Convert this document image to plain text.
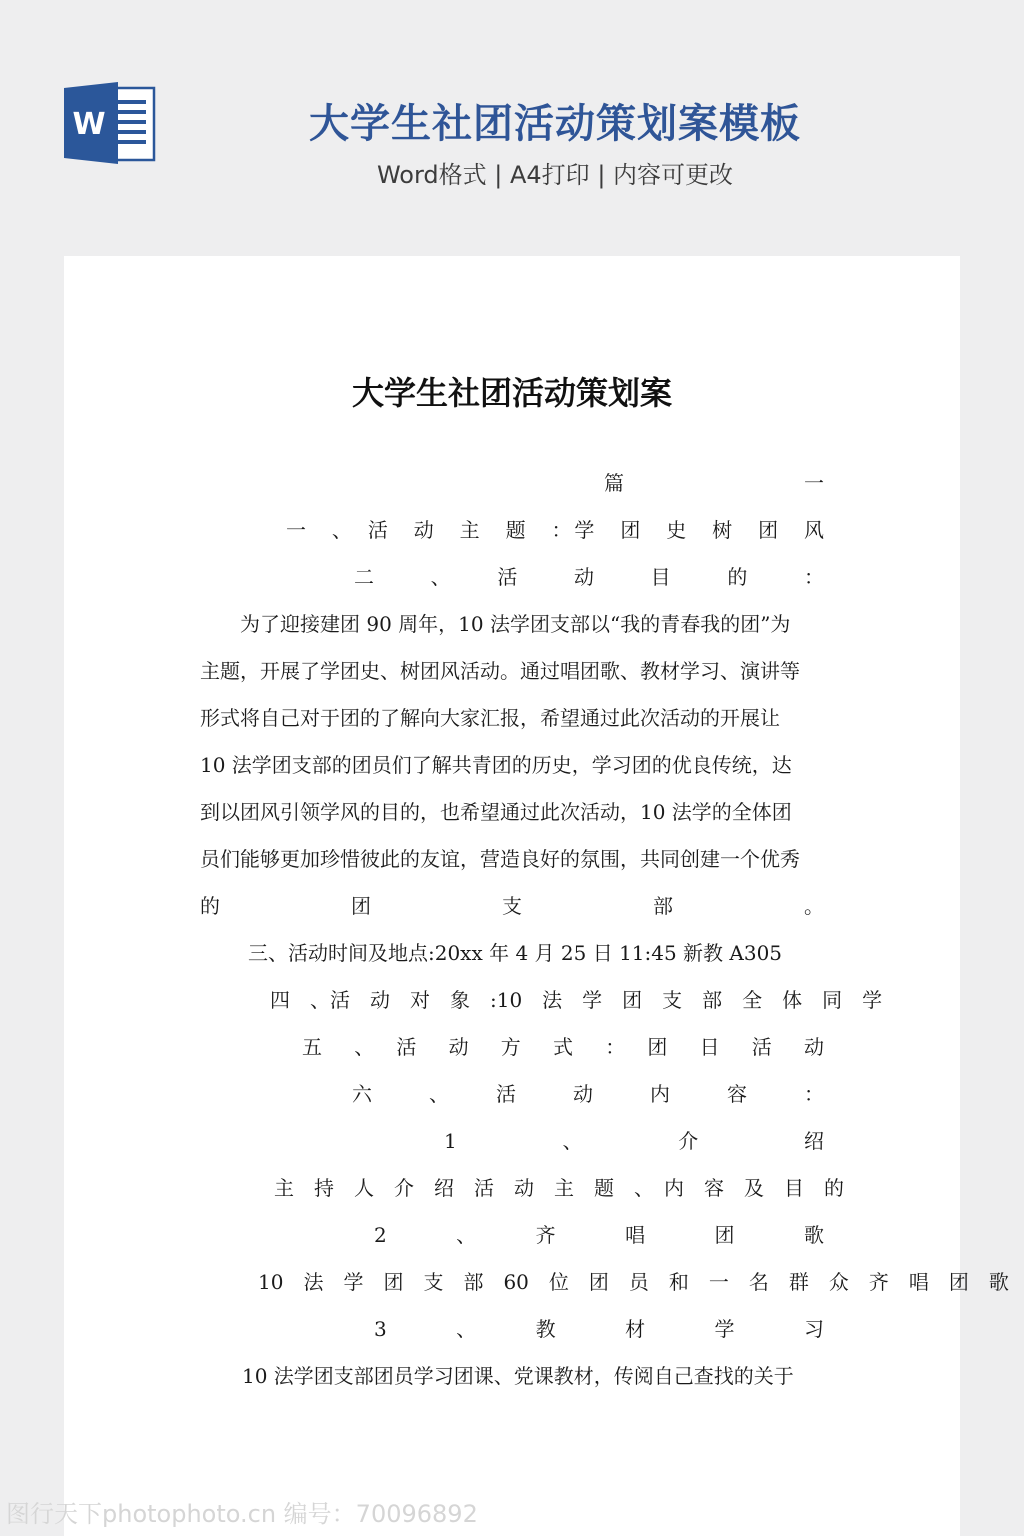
W	大学生社团活动策划案模板
Word格式 | A4打印 | 内容可更改
大学生社团活动策划案
篇　　　　　　　　　一
一　、　活　动　主　题　：学　团　史　树　团　风
二　　、　　活　　动　　目　　的　　：
为了迎接建团 90 周年，10 法学团支部以“我的青春我的团”为
主题，开展了学团史、树团风活动。通过唱团歌、教材学习、演讲等
形式将自己对于团的了解向大家汇报，希望通过此次活动的开展让
10 法学团支部的团员们了解共青团的历史，学习团的优良传统，达
到以团风引领学风的目的，也希望通过此次活动，10 法学的全体团
员们能够更加珍惜彼此的友谊，营造良好的氛围，共同创建一个优秀
的　　　　团　　　　支　　　　部　　　　。
三、活动时间及地点:20xx 年 4 月 25 日 11:45 新教 A305
四　、活　动　对　象　:10　法　学　团　支　部　全　体　同　学
五　、　活　动　方　式　：　团　日　活　动
六　　、　　活　　动　　内　　容　　：
1　　　　、　　　　介　　　　绍
主　持　人　介　绍　活　动　主　题　、　内　容　及　目　的
2　　、　　齐　　唱　　团　　歌
10　法　学　团　支　部　60　位　团　员　和　一　名　群　众　齐　唱　团　歌
3　　、　　教　　材　　学　　习
10 法学团支部团员学习团课、党课教材，传阅自己查找的关于
图行天下photophoto.cn 编号：70096892
